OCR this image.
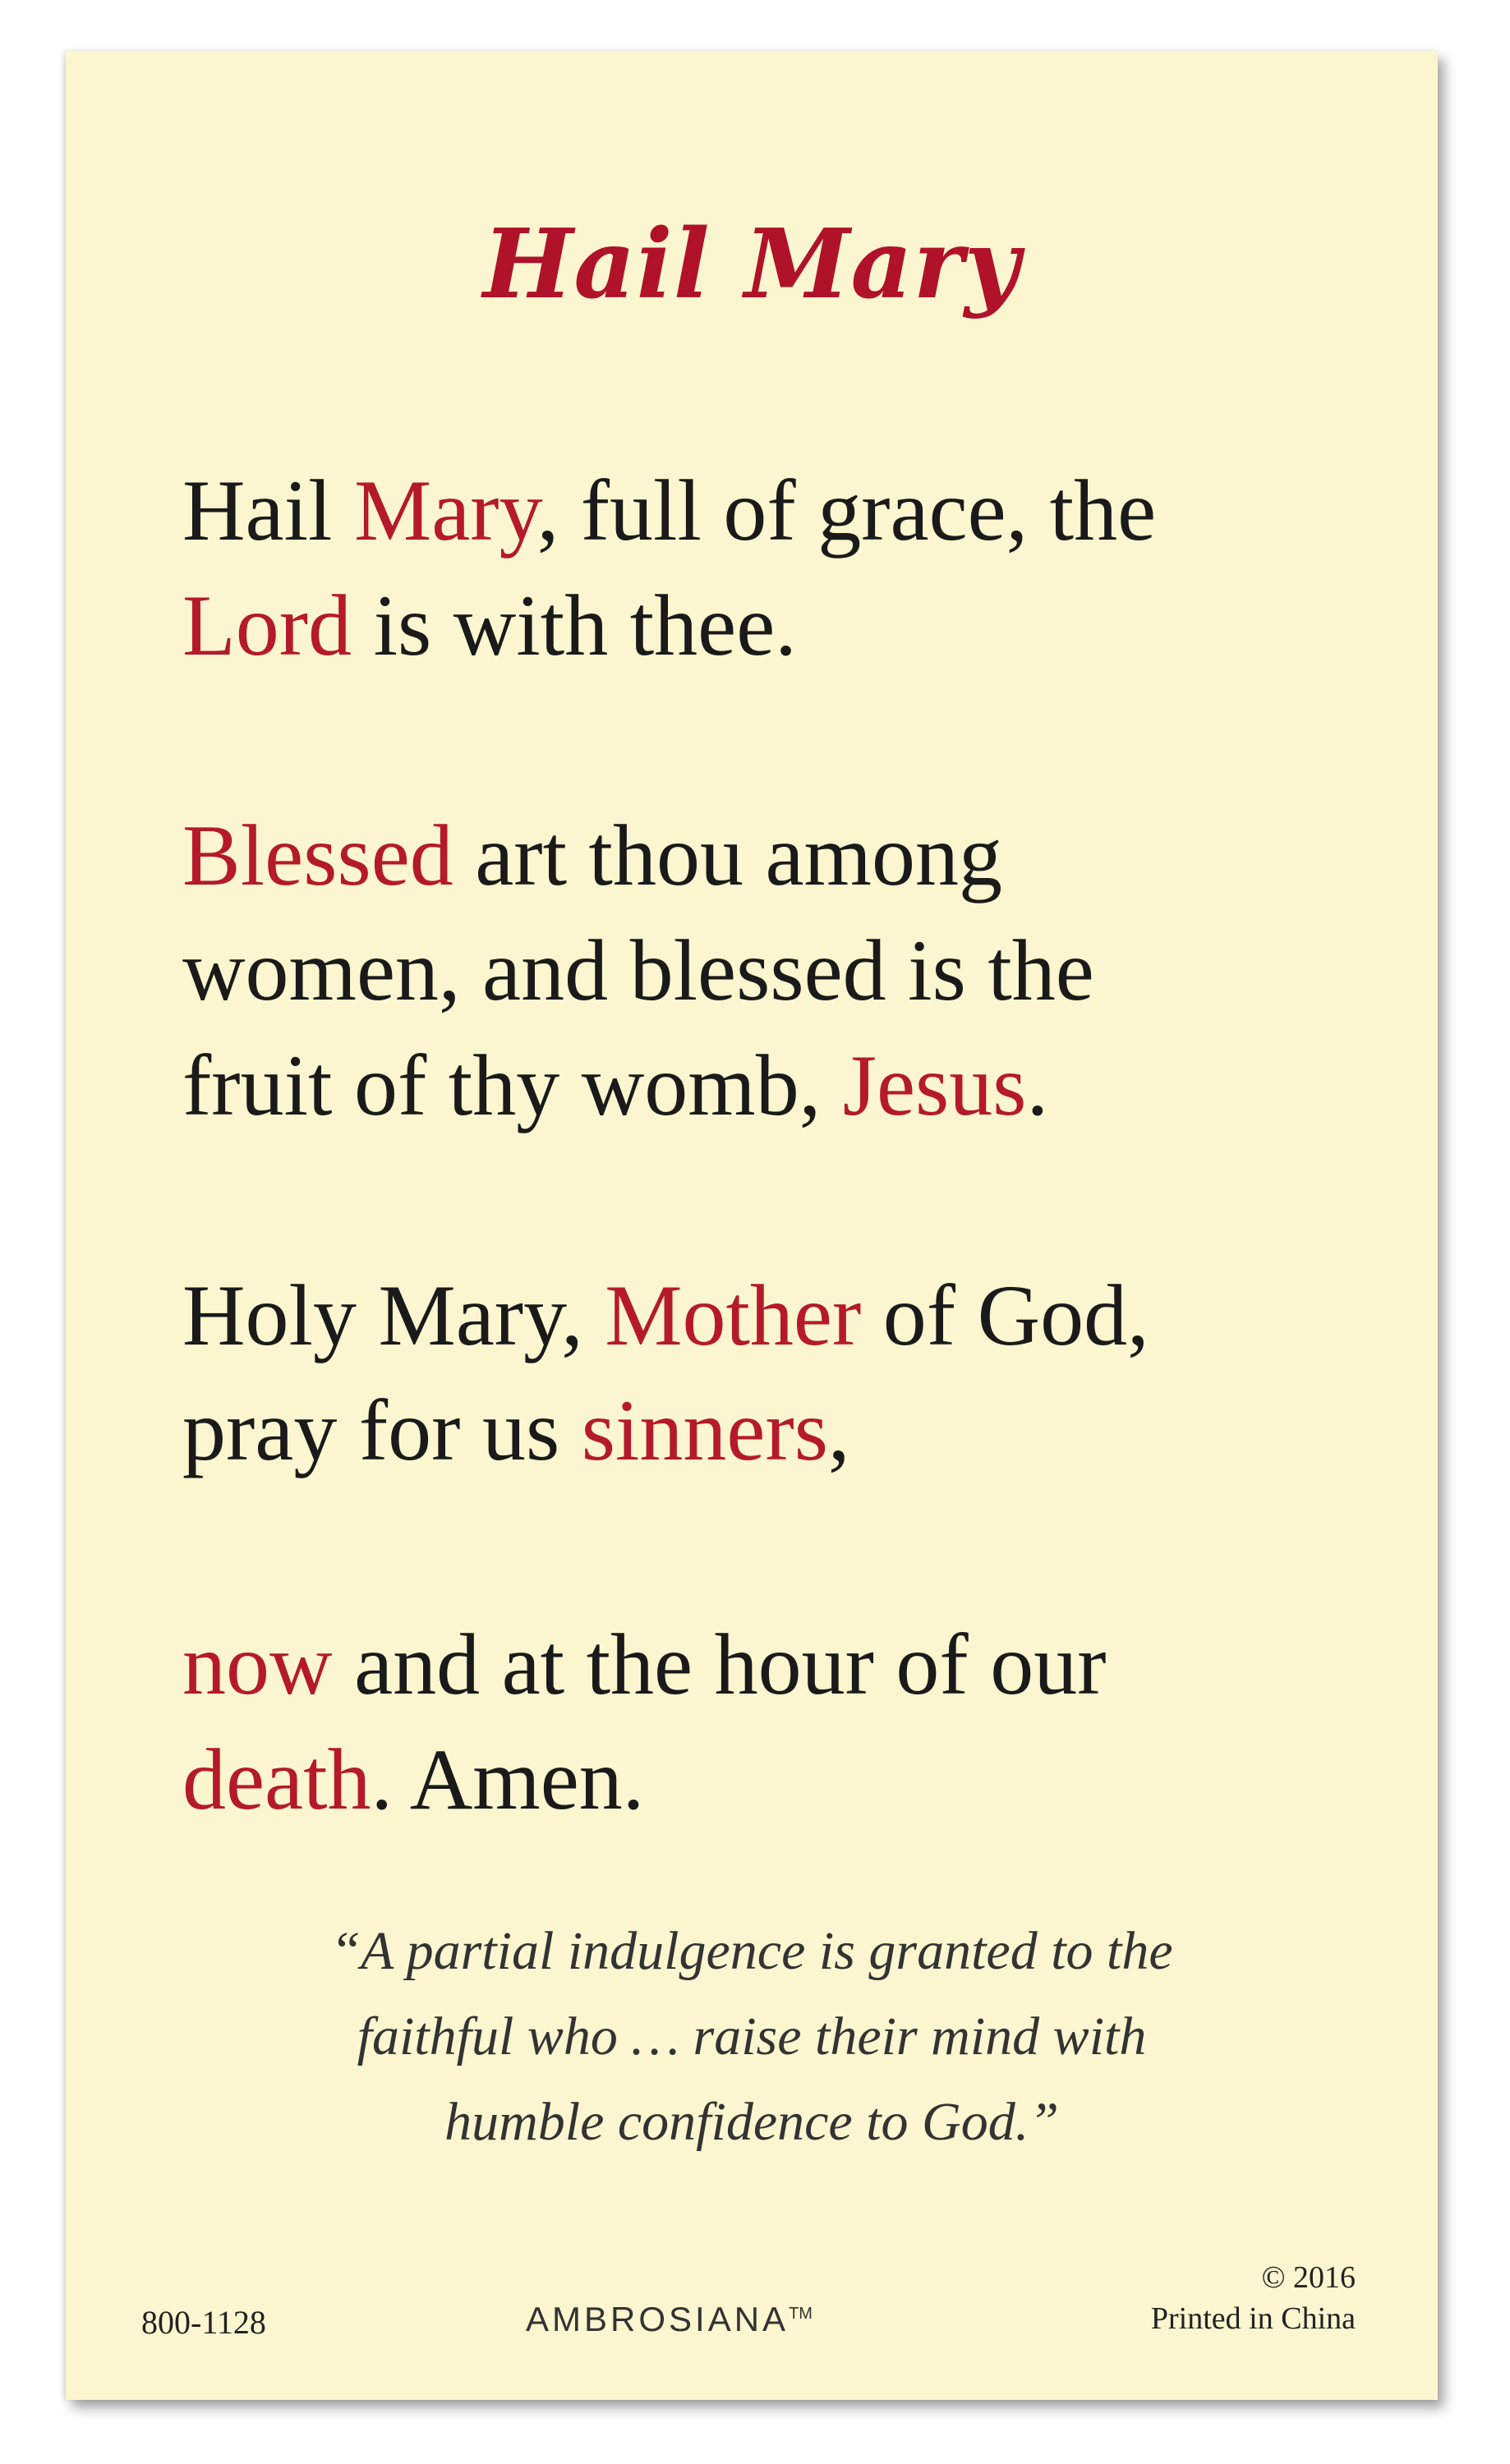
Hail Mary

Hail Mary, full of grace, the
Lord is with thee.

Blessed art thou among
women, and blessed is the
fruit of thy womb, Jesus.

Holy Mary, Mother of God,
pray for us sinners,

now and at the hour of our
death. Amen.

“A partial indulgence is granted to the
faithful who … raise their mind with
humble confidence to God.”
800-1128	AMBROSIANA™
© 2016
Printed in China
